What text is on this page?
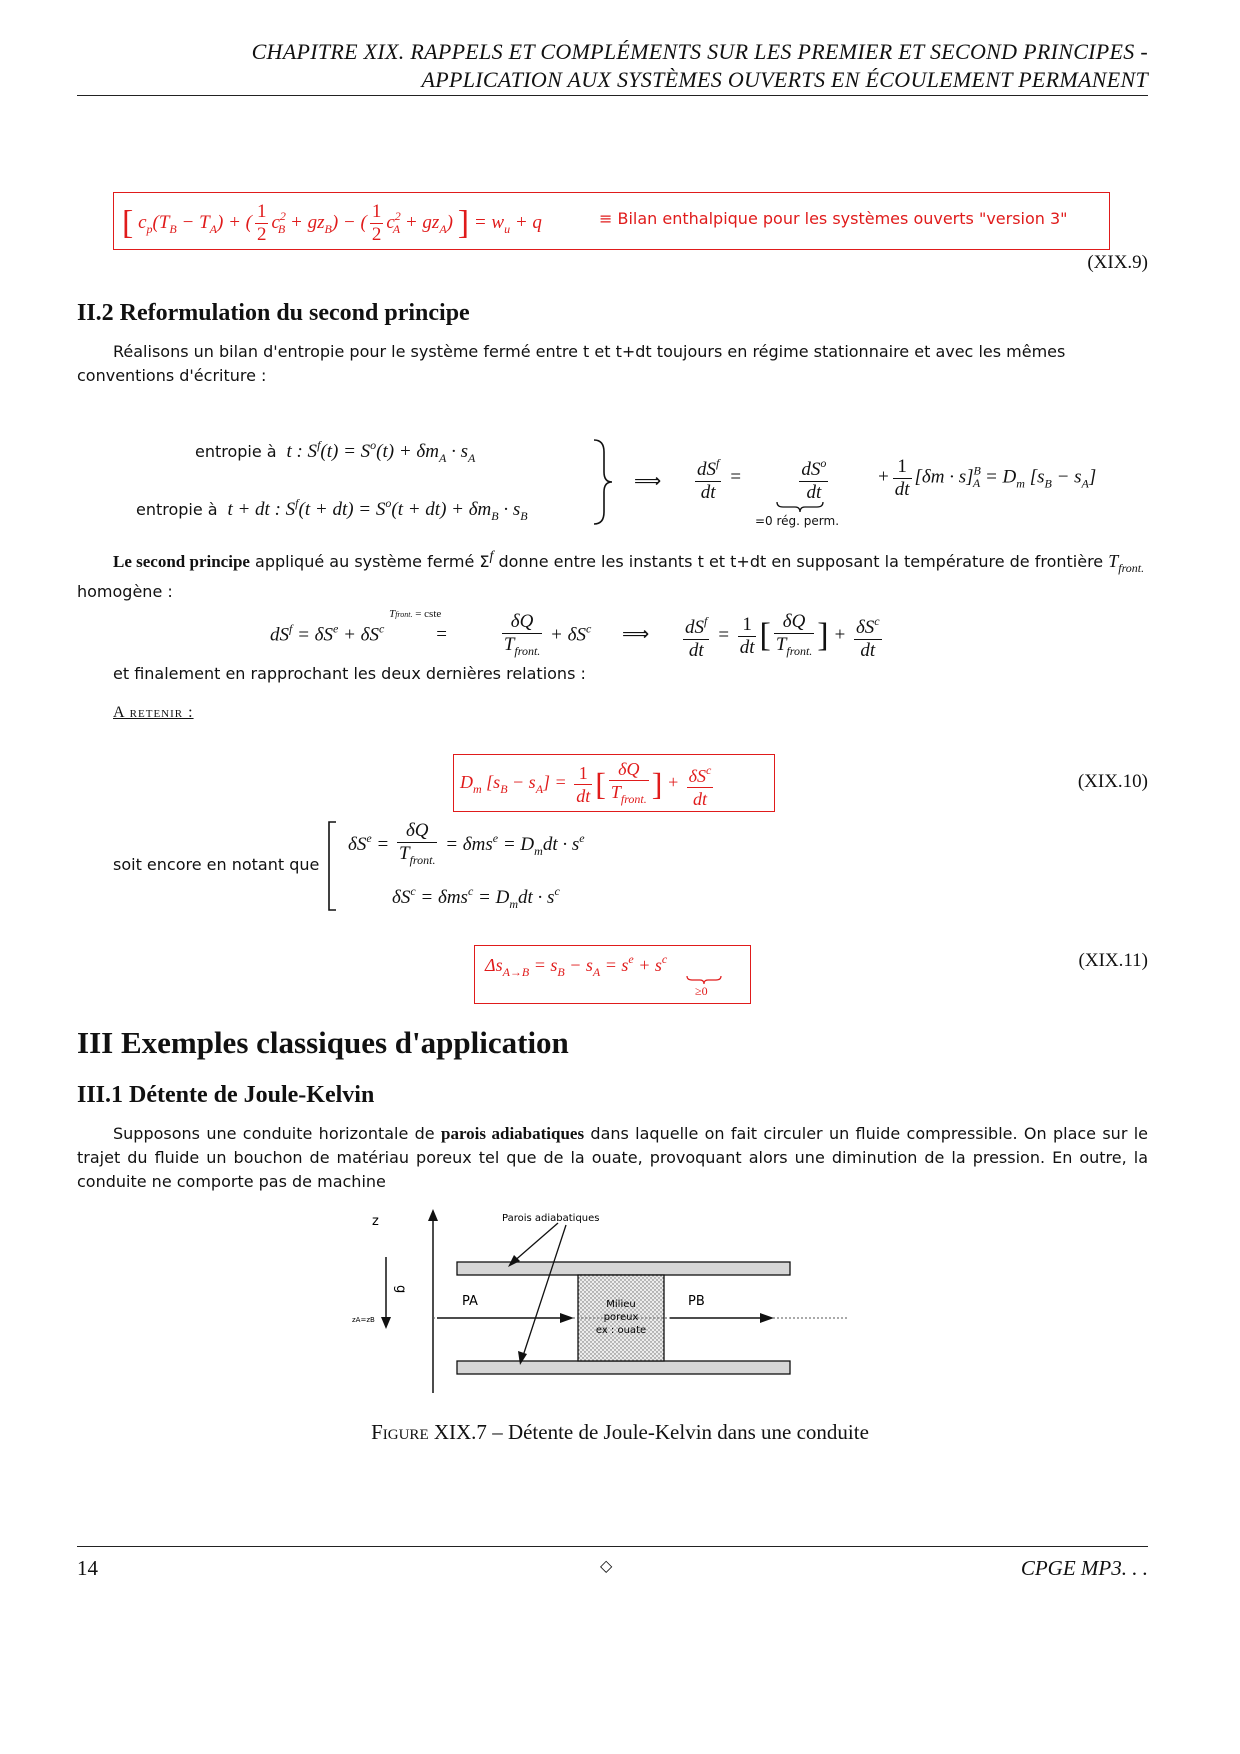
CHAPITRE XIX. RAPPELS ET COMPLÉMENTS SUR LES PREMIER ET SECOND PRINCIPES -
APPLICATION AUX SYSTÈMES OUVERTS EN ÉCOULEMENT PERMANENT
[ $c_p(T_B - T_A)$ + ( $\frac{1}{2} c^2_B + gz_B$) − ( $\frac{1}{2} c^2_A + gz_A$) ] = $w_u + q$	≡ Bilan enthalpique pour les systèmes ouverts "version 3"
(XIX.9)
II.2 Reformulation du second principe
Réalisons un bilan d'entropie pour le système fermé entre t et t+dt toujours en régime stationnaire et avec les mêmes conventions d'écriture :
entropie à  t : $S^f(t) = S^o(t) + \delta m_A \cdot s_A$
entropie à  t + dt : $S^f(t + dt) = S^o(t + dt) + \delta m_B \cdot s_B$
⟹ $\frac{dS^f}{dt}$ =	$\frac{dS^o}{dt} + \frac{1}{dt} [\delta m \cdot s]^B_A = D_m$ $[s_B - s_A]$
=0 rég. perm.
Le second principe appliqué au système fermé Σf donne entre les instants t et t+dt en supposant la température de frontière $T_{front.}$ homogène :
$dS^f = \delta S^e + \delta S^c$
Tfront. = cste
=	$\frac{\delta Q}{T_{front.}} + \delta S^c$ ⟹ $\frac{dS^f}{dt} = \frac{1}{dt}$ [ $\frac{\delta Q}{T_{front.}}$ ] + $\frac{\delta S^c}{dt}$
et finalement en rapprochant les deux dernières relations :
A retenir :
$D_m$ $[s_B - s_A] = \frac{1}{dt}$ [ $\frac{\delta Q}{T_{front.}}$ ] + $\frac{\delta S^c}{dt}$	(XIX.10)
soit encore en notant que
$\delta S^e = \frac{\delta Q}{T_{front.}} = \delta ms^e = D_mdt \cdot s^e$
$\delta S^c = \delta ms^c = D_mdt \cdot s^c$
$\Delta s_{A\to B} = s_B - s_A = s^e + s^c$
≥0
(XIX.11)
III Exemples classiques d'application
III.1 Détente de Joule-Kelvin
Supposons une conduite horizontale de parois adiabatiques dans laquelle on fait circuler un fluide compressible. On place sur le trajet du fluide un bouchon de matériau poreux tel que de la ouate, provoquant alors une diminution de la pression. En outre, la conduite ne comporte pas de machine
z
g
zA=zB
Parois adiabatiques
PA	PB
Milieu
poreux
ex : ouate
Figure XIX.7 – Détente de Joule-Kelvin dans une conduite
14	◇	CPGE MP3. . .
